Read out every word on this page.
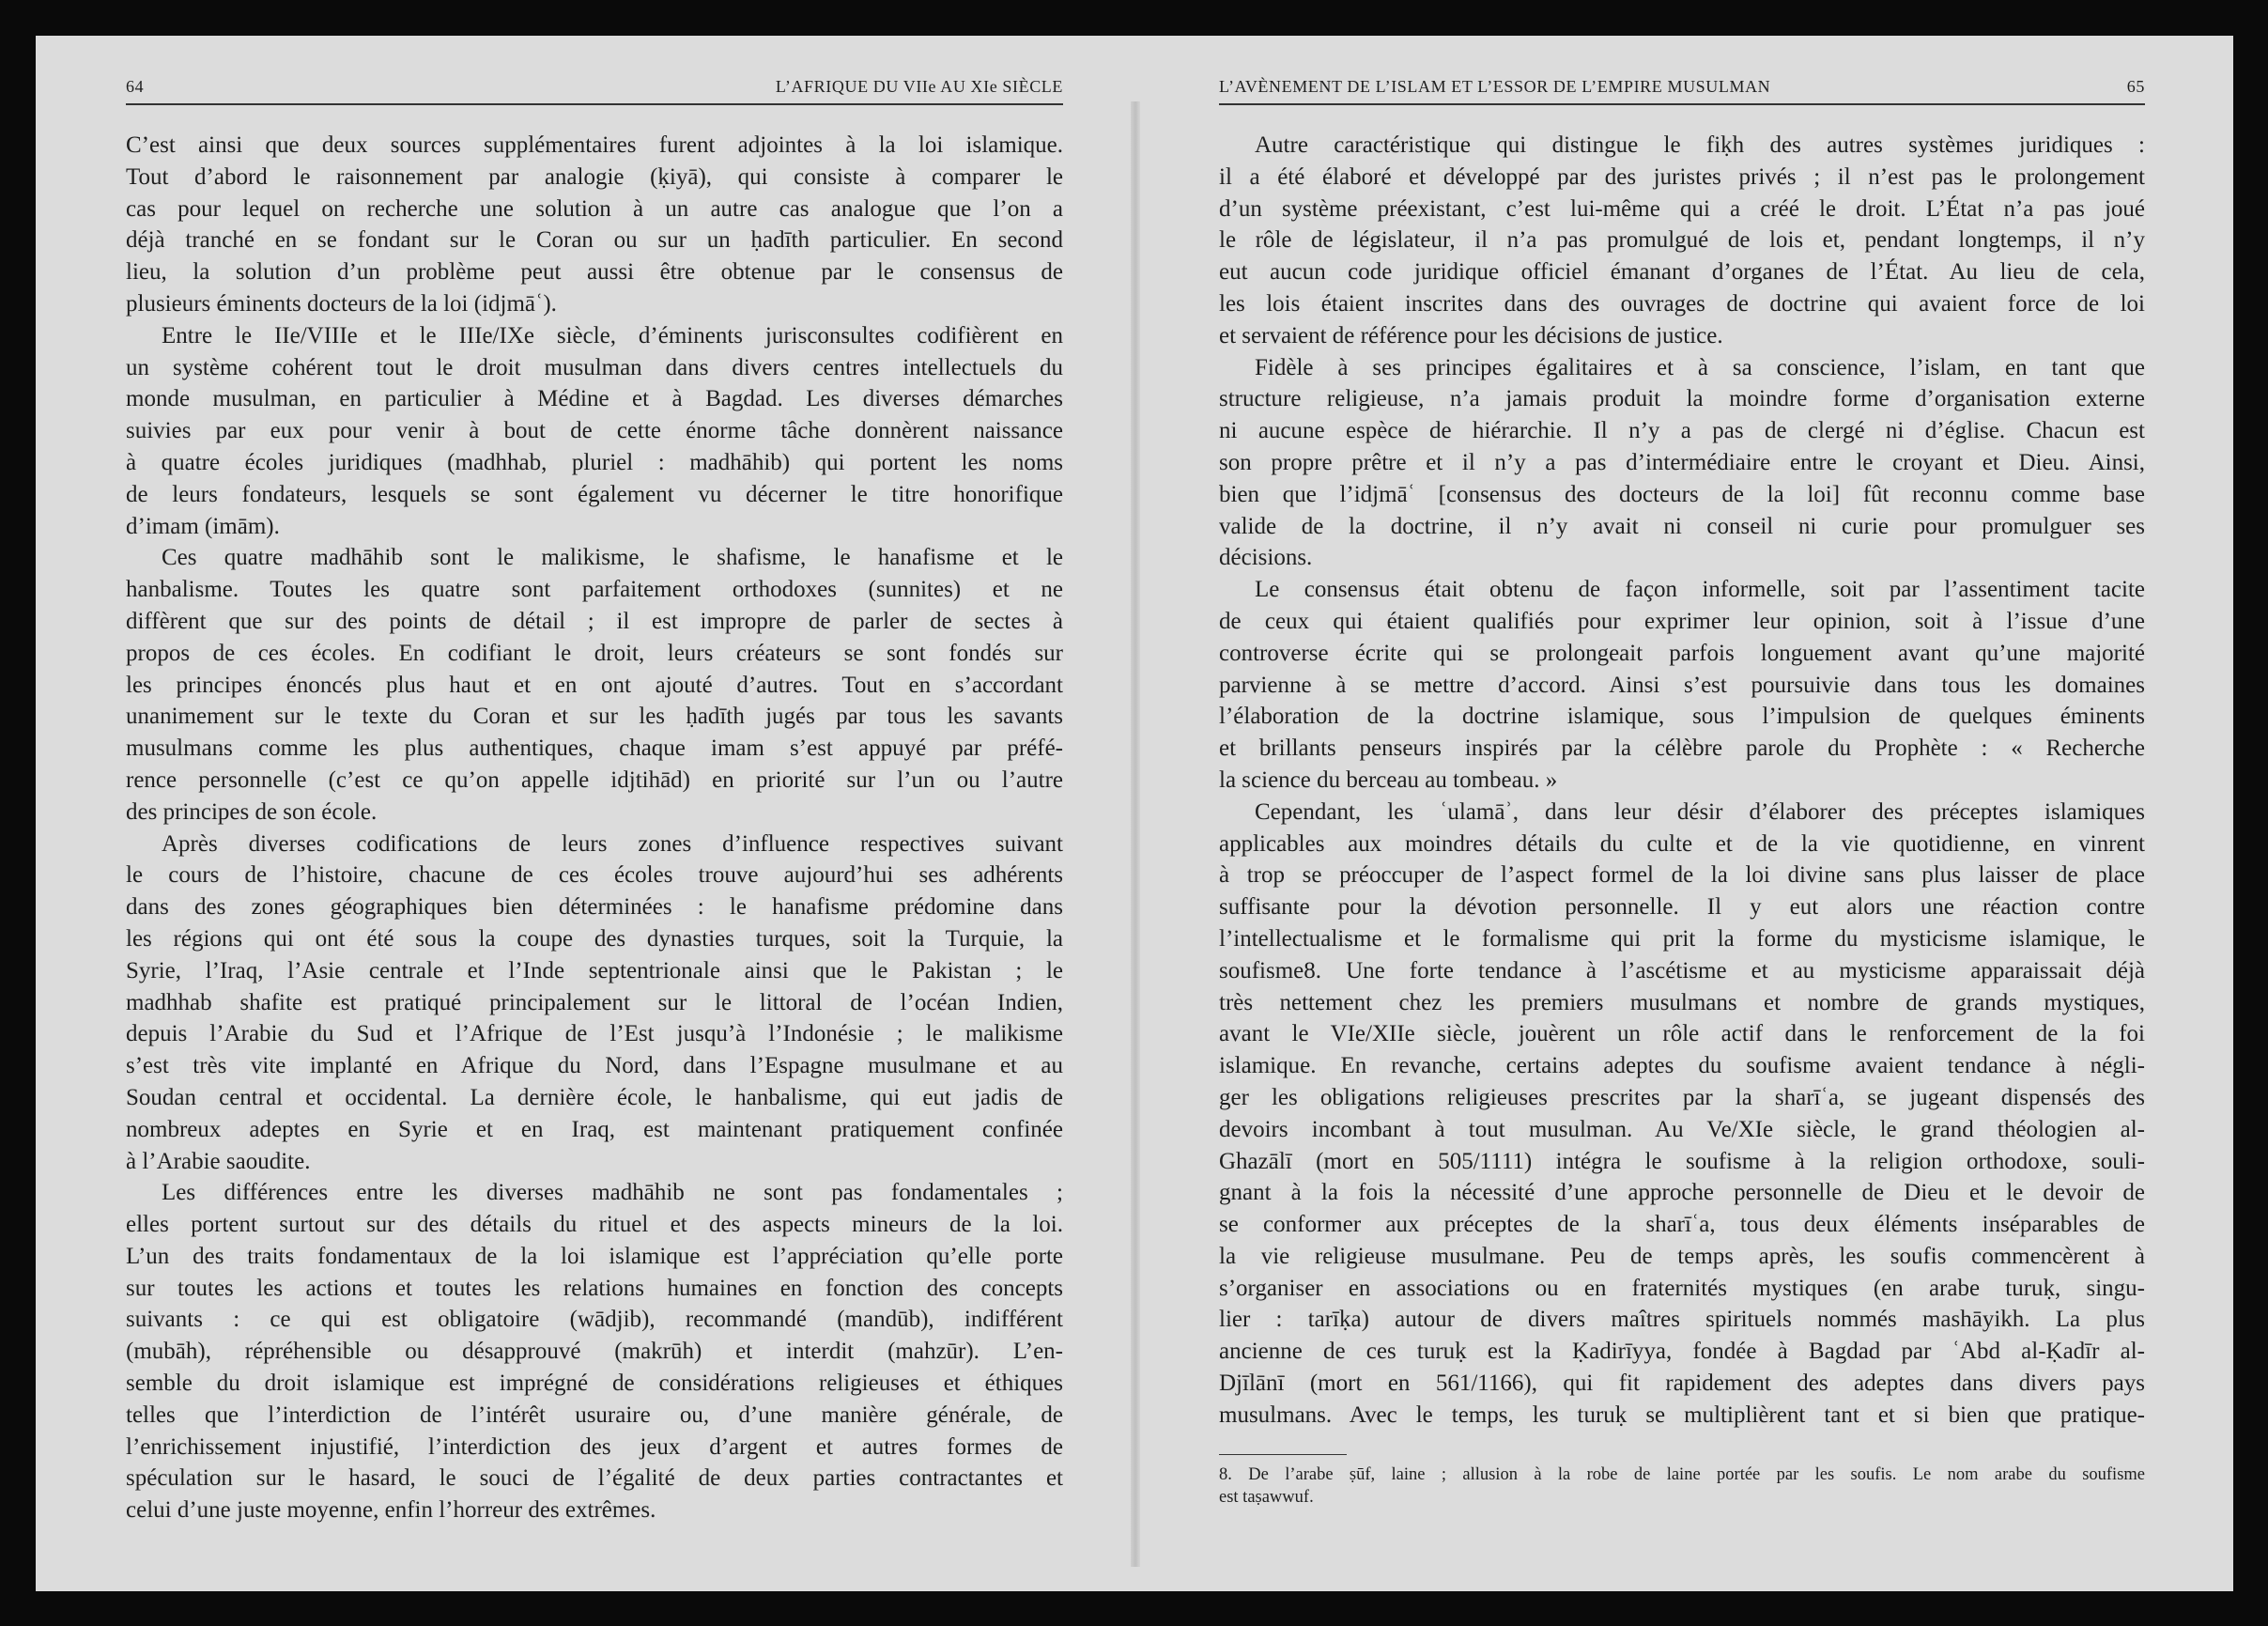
64	L’AFRIQUE DU VIIe AU XIe SIÈCLE
C’est ainsi que deux sources supplémentaires furent adjointes à la loi islamique.
Tout d’abord le raisonnement par analogie (ḳiyā), qui consiste à comparer le
cas pour lequel on recherche une solution à un autre cas analogue que l’on a
déjà tranché en se fondant sur le Coran ou sur un ḥadīth particulier. En second
lieu, la solution d’un problème peut aussi être obtenue par le consensus de
plusieurs éminents docteurs de la loi (idjmāʿ).
Entre le IIe/VIIIe et le IIIe/IXe siècle, d’éminents jurisconsultes codifièrent en
un système cohérent tout le droit musulman dans divers centres intellectuels du
monde musulman, en particulier à Médine et à Bagdad. Les diverses démarches
suivies par eux pour venir à bout de cette énorme tâche donnèrent naissance
à quatre écoles juridiques (madhhab, pluriel : madhāhib) qui portent les noms
de leurs fondateurs, lesquels se sont également vu décerner le titre honorifique
d’imam (imām).
Ces quatre madhāhib sont le malikisme, le shafisme, le hanafisme et le
hanbalisme. Toutes les quatre sont parfaitement orthodoxes (sunnites) et ne
diffèrent que sur des points de détail ; il est impropre de parler de sectes à
propos de ces écoles. En codifiant le droit, leurs créateurs se sont fondés sur
les principes énoncés plus haut et en ont ajouté d’autres. Tout en s’accordant
unanimement sur le texte du Coran et sur les ḥadīth jugés par tous les savants
musulmans comme les plus authentiques, chaque imam s’est appuyé par préfé-
rence personnelle (c’est ce qu’on appelle idjtihād) en priorité sur l’un ou l’autre
des principes de son école.
Après diverses codifications de leurs zones d’influence respectives suivant
le cours de l’histoire, chacune de ces écoles trouve aujourd’hui ses adhérents
dans des zones géographiques bien déterminées : le hanafisme prédomine dans
les régions qui ont été sous la coupe des dynasties turques, soit la Turquie, la
Syrie, l’Iraq, l’Asie centrale et l’Inde septentrionale ainsi que le Pakistan ; le
madhhab shafite est pratiqué principalement sur le littoral de l’océan Indien,
depuis l’Arabie du Sud et l’Afrique de l’Est jusqu’à l’Indonésie ; le malikisme
s’est très vite implanté en Afrique du Nord, dans l’Espagne musulmane et au
Soudan central et occidental. La dernière école, le hanbalisme, qui eut jadis de
nombreux adeptes en Syrie et en Iraq, est maintenant pratiquement confinée
à l’Arabie saoudite.
Les différences entre les diverses madhāhib ne sont pas fondamentales ;
elles portent surtout sur des détails du rituel et des aspects mineurs de la loi.
L’un des traits fondamentaux de la loi islamique est l’appréciation qu’elle porte
sur toutes les actions et toutes les relations humaines en fonction des concepts
suivants : ce qui est obligatoire (wādjib), recommandé (mandūb), indifférent
(mubāh), répréhensible ou désapprouvé (makrūh) et interdit (mahzūr). L’en-
semble du droit islamique est imprégné de considérations religieuses et éthiques
telles que l’interdiction de l’intérêt usuraire ou, d’une manière générale, de
l’enrichissement injustifié, l’interdiction des jeux d’argent et autres formes de
spéculation sur le hasard, le souci de l’égalité de deux parties contractantes et
celui d’une juste moyenne, enfin l’horreur des extrêmes.
L’AVÈNEMENT DE L’ISLAM ET L’ESSOR DE L’EMPIRE MUSULMAN	65
Autre caractéristique qui distingue le fiḳh des autres systèmes juridiques :
il a été élaboré et développé par des juristes privés ; il n’est pas le prolongement
d’un système préexistant, c’est lui-même qui a créé le droit. L’État n’a pas joué
le rôle de législateur, il n’a pas promulgué de lois et, pendant longtemps, il n’y
eut aucun code juridique officiel émanant d’organes de l’État. Au lieu de cela,
les lois étaient inscrites dans des ouvrages de doctrine qui avaient force de loi
et servaient de référence pour les décisions de justice.
Fidèle à ses principes égalitaires et à sa conscience, l’islam, en tant que
structure religieuse, n’a jamais produit la moindre forme d’organisation externe
ni aucune espèce de hiérarchie. Il n’y a pas de clergé ni d’église. Chacun est
son propre prêtre et il n’y a pas d’intermédiaire entre le croyant et Dieu. Ainsi,
bien que l’idjmāʿ [consensus des docteurs de la loi] fût reconnu comme base
valide de la doctrine, il n’y avait ni conseil ni curie pour promulguer ses
décisions.
Le consensus était obtenu de façon informelle, soit par l’assentiment tacite
de ceux qui étaient qualifiés pour exprimer leur opinion, soit à l’issue d’une
controverse écrite qui se prolongeait parfois longuement avant qu’une majorité
parvienne à se mettre d’accord. Ainsi s’est poursuivie dans tous les domaines
l’élaboration de la doctrine islamique, sous l’impulsion de quelques éminents
et brillants penseurs inspirés par la célèbre parole du Prophète : « Recherche
la science du berceau au tombeau. »
Cependant, les ʿulamāʾ, dans leur désir d’élaborer des préceptes islamiques
applicables aux moindres détails du culte et de la vie quotidienne, en vinrent
à trop se préoccuper de l’aspect formel de la loi divine sans plus laisser de place
suffisante pour la dévotion personnelle. Il y eut alors une réaction contre
l’intellectualisme et le formalisme qui prit la forme du mysticisme islamique, le
soufisme8. Une forte tendance à l’ascétisme et au mysticisme apparaissait déjà
très nettement chez les premiers musulmans et nombre de grands mystiques,
avant le VIe/XIIe siècle, jouèrent un rôle actif dans le renforcement de la foi
islamique. En revanche, certains adeptes du soufisme avaient tendance à négli-
ger les obligations religieuses prescrites par la sharīʿa, se jugeant dispensés des
devoirs incombant à tout musulman. Au Ve/XIe siècle, le grand théologien al-
Ghazālī (mort en 505/1111) intégra le soufisme à la religion orthodoxe, souli-
gnant à la fois la nécessité d’une approche personnelle de Dieu et le devoir de
se conformer aux préceptes de la sharīʿa, tous deux éléments inséparables de
la vie religieuse musulmane. Peu de temps après, les soufis commencèrent à
s’organiser en associations ou en fraternités mystiques (en arabe turuḳ, singu-
lier : tarīḳa) autour de divers maîtres spirituels nommés mashāyikh. La plus
ancienne de ces turuḳ est la Ḳadirīyya, fondée à Bagdad par ʿAbd al-Ḳadīr al-
Djīlānī (mort en 561/1166), qui fit rapidement des adeptes dans divers pays
musulmans. Avec le temps, les turuḳ se multiplièrent tant et si bien que pratique-
8. De l’arabe ṣūf, laine ; allusion à la robe de laine portée par les soufis. Le nom arabe du soufisme
est taṣawwuf.
